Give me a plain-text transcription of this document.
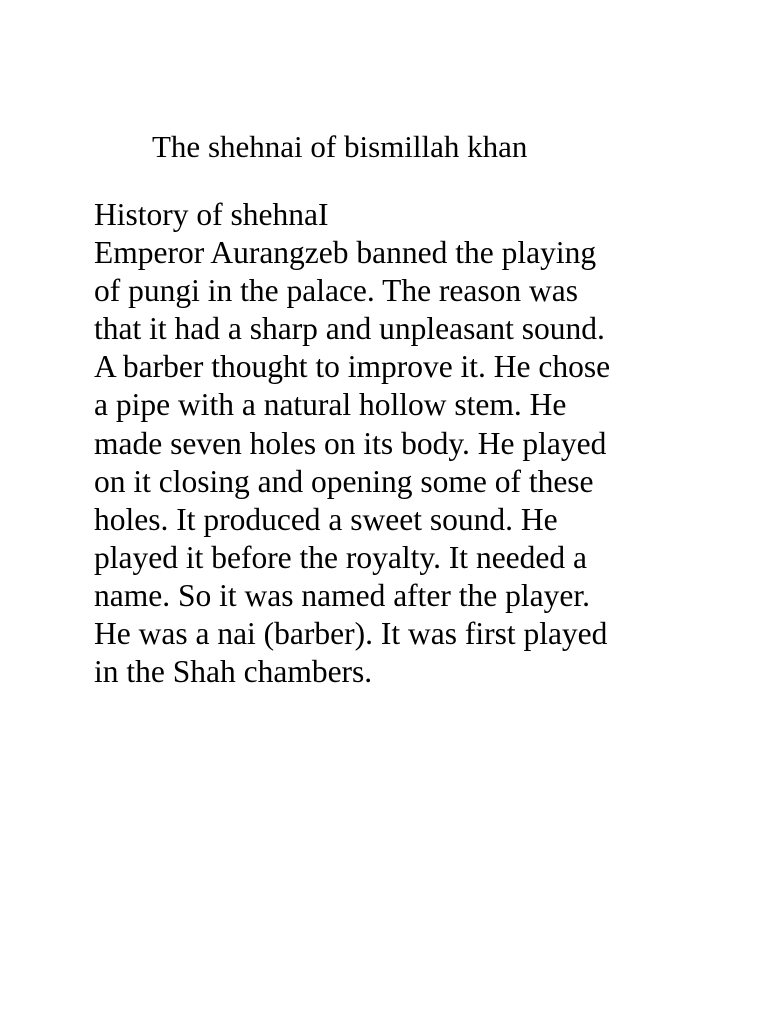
The shehnai of bismillah khan
History of shehnaI
Emperor Aurangzeb banned the playing
of pungi in the palace. The reason was
that it had a sharp and unpleasant sound.
A barber thought to improve it. He chose
a pipe with a natural hollow stem. He
made seven holes on its body. He played
on it closing and opening some of these
holes. It produced a sweet sound. He
played it before the royalty. It needed a
name. So it was named after the player.
He was a nai (barber). It was first played
in the Shah chambers.
